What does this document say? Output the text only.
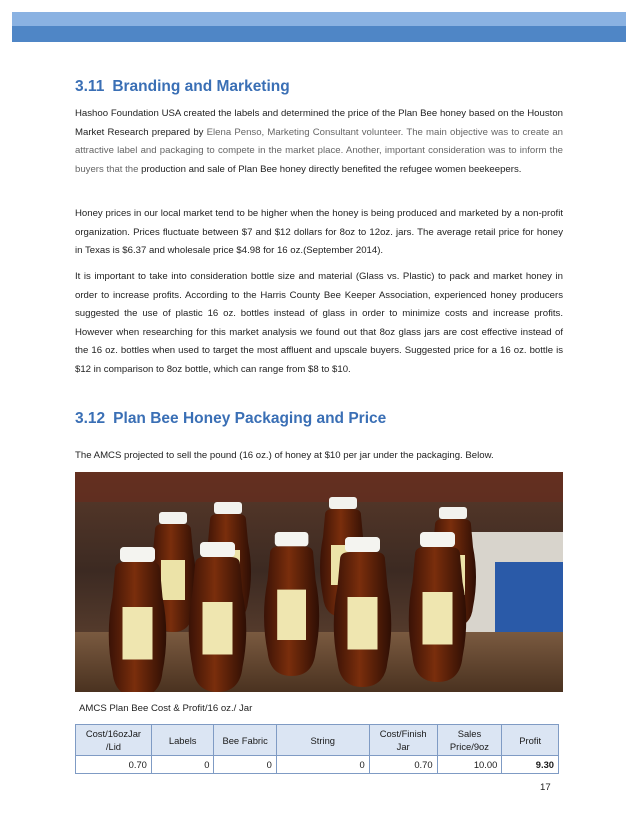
3.11 Branding and Marketing
Hashoo Foundation USA created the labels and determined the price of the Plan Bee honey based on the Houston Market Research prepared by Elena Penso, Marketing Consultant volunteer. The main objective was to create an attractive label and packaging to compete in the market place. Another, important consideration was to inform the buyers that the production and sale of Plan Bee honey directly benefited the refugee women beekeepers.
Honey prices in our local market tend to be higher when the honey is being produced and marketed by a non-profit organization. Prices fluctuate between $7 and $12 dollars for 8oz to 12oz. jars. The average retail price for honey in Texas is $6.37 and wholesale price $4.98 for 16 oz.(September 2014).
It is important to take into consideration bottle size and material (Glass vs. Plastic) to pack and market honey in order to increase profits. According to the Harris County Bee Keeper Association, experienced honey producers suggested the use of plastic 16 oz. bottles instead of glass in order to minimize costs and increase profits. However when researching for this market analysis we found out that 8oz glass jars are cost effective instead of the 16 oz. bottles when used to target the most affluent and upscale buyers. Suggested price for a 16 oz. bottle is $12 in comparison to 8oz bottle, which can range from $8 to $10.
3.12 Plan Bee Honey Packaging and Price
The AMCS projected to sell the pound (16 oz.) of honey at $10 per jar under the packaging. Below.
AMCS Plan Bee Cost & Profit/16 oz./ Jar
Cost/16ozJar /Lid	Labels	Bee Fabric	String	Cost/Finish Jar	Sales Price/9oz	Profit
0.70	0	0	0	0.70	10.00	9.30
17
